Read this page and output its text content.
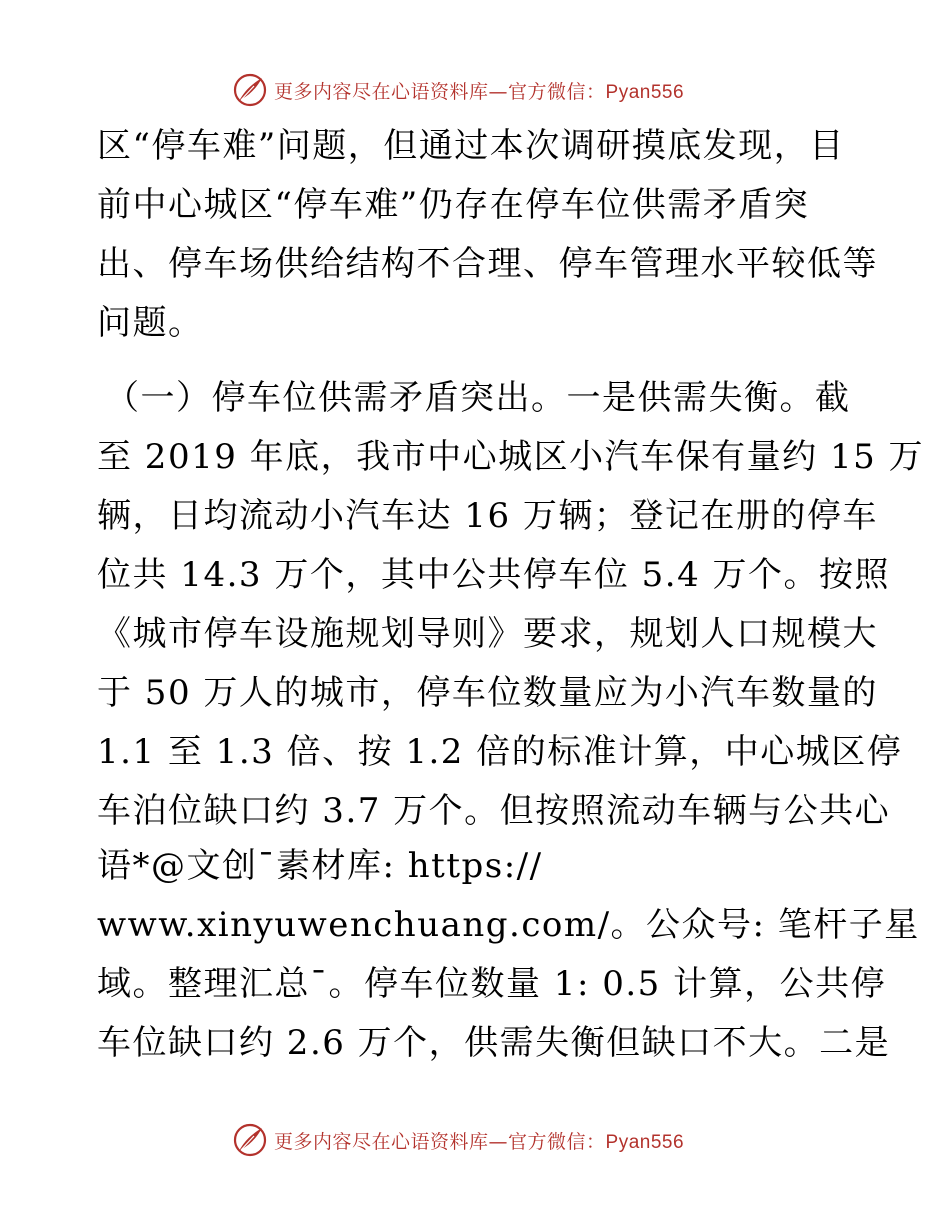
更多内容尽在心语资料库—官方微信：Pyan556
区“停车难”问题，但通过本次调研摸底发现，目
前中心城区“停车难”仍存在停车位供需矛盾突
出、停车场供给结构不合理、停车管理水平较低等
问题。
（一）停车位供需矛盾突出。一是供需失衡。截
至 2019 年底，我市中心城区小汽车保有量约 15 万
辆，日均流动小汽车达 16 万辆；登记在册的停车
位共 14.3 万个，其中公共停车位 5.4 万个。按照
《城市停车设施规划导则》要求，规划人口规模大
于 50 万人的城市，停车位数量应为小汽车数量的
1.1 至 1.3 倍、按 1.2 倍的标准计算，中心城区停
车泊位缺口约 3.7 万个。但按照流动车辆与公共心
语*@文创¯素材库: https://
www.xinyuwenchuang.com/。公众号: 笔杆子星
域。整理汇总¯。停车位数量 1: 0.5 计算，公共停
车位缺口约 2.6 万个，供需失衡但缺口不大。二是
更多内容尽在心语资料库—官方微信：Pyan556
